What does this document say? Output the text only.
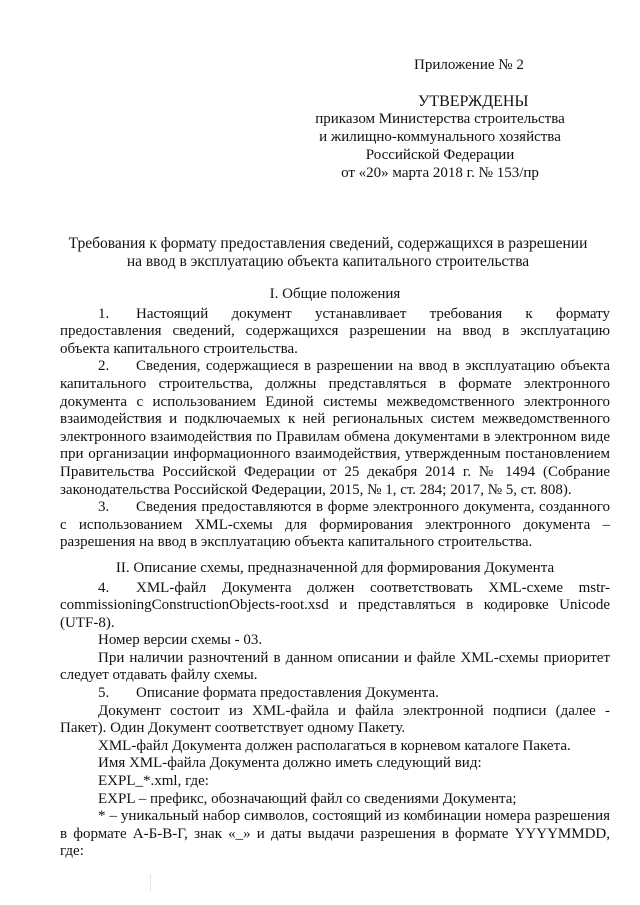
Приложение № 2
УТВЕРЖДЕНЫ
приказом Министерства строительства
и жилищно-коммунального хозяйства
Российской Федерации
от «20» марта 2018 г. № 153/пр
Требования к формату предоставления сведений, содержащихся в разрешении
на ввод в эксплуатацию объекта капитального строительства
I. Общие положения

1. Настоящий документ устанавливает требования к формату предоставления сведений, содержащихся разрешении на ввод в эксплуатацию объекта капитального строительства.

2. Сведения, содержащиеся в разрешении на ввод в эксплуатацию объекта капитального строительства, должны представляться в формате электронного документа с использованием Единой системы межведомственного электронного взаимодействия и подключаемых к ней региональных систем межведомственного электронного взаимодействия по Правилам обмена документами в электронном виде при организации информационного взаимодействия, утвержденным постановлением Правительства Российской Федерации от 25 декабря 2014 г. № 1494 (Собрание законодательства Российской Федерации, 2015, № 1, ст. 284; 2017, № 5, ст. 808).

3. Сведения предоставляются в форме электронного документа, созданного с использованием XML-схемы для формирования электронного документа – разрешения на ввод в эксплуатацию объекта капитального строительства.

II. Описание схемы, предназначенной для формирования Документа

4. XML-файл Документа должен соответствовать XML-схеме mstr-commissioningConstructionObjects-root.xsd и представляться в кодировке Unicode (UTF-8).

Номер версии схемы - 03.

При наличии разночтений в данном описании и файле XML-схемы приоритет следует отдавать файлу схемы.

5. Описание формата предоставления Документа.

Документ состоит из XML-файла и файла электронной подписи (далее - Пакет). Один Документ соответствует одному Пакету.

XML-файл Документа должен располагаться в корневом каталоге Пакета.

Имя XML-файла Документа должно иметь следующий вид:

EXPL_*.xml, где:

EXPL – префикс, обозначающий файл со сведениями Документа;

* – уникальный набор символов, состоящий из комбинации номера разрешения в формате А-Б-В-Г, знак «_» и даты выдачи разрешения в формате YYYYMMDD, где:
